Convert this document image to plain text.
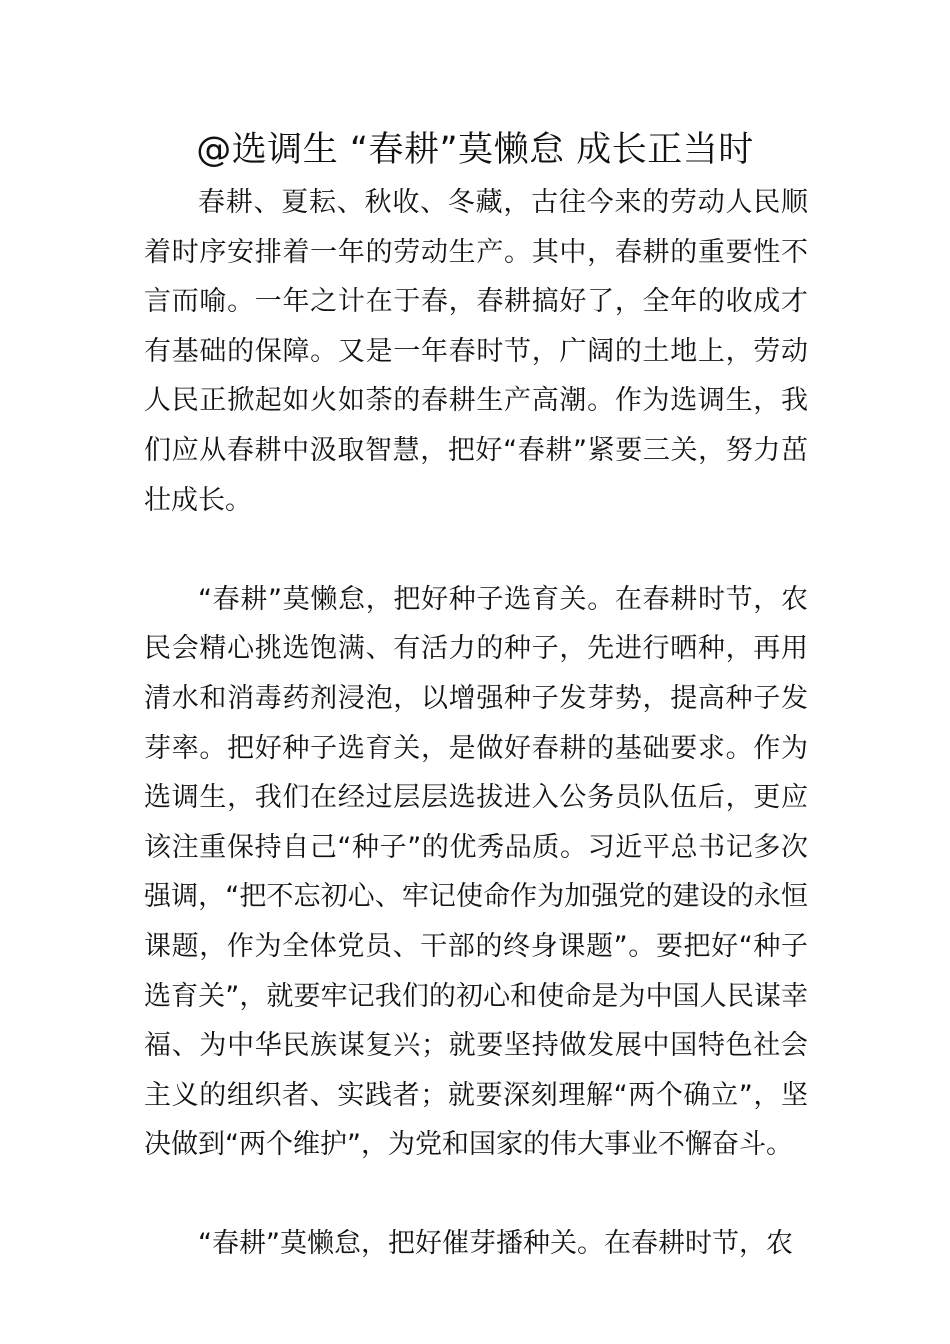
@选调生 “春耕”莫懒怠 成长正当时

春耕、夏耘、秋收、冬藏，古往今来的劳动人民顺着时序安排着一年的劳动生产。其中，春耕的重要性不言而喻。一年之计在于春，春耕搞好了，全年的收成才有基础的保障。又是一年春时节，广阔的土地上，劳动人民正掀起如火如荼的春耕生产高潮。作为选调生，我们应从春耕中汲取智慧，把好“春耕”紧要三关，努力茁壮成长。

“春耕”莫懒怠，把好种子选育关。在春耕时节，农民会精心挑选饱满、有活力的种子，先进行晒种，再用清水和消毒药剂浸泡，以增强种子发芽势，提高种子发芽率。把好种子选育关，是做好春耕的基础要求。作为选调生，我们在经过层层选拔进入公务员队伍后，更应该注重保持自己“种子”的优秀品质。习近平总书记多次强调，“把不忘初心、牢记使命作为加强党的建设的永恒课题，作为全体党员、干部的终身课题”。要把好“种子选育关”，就要牢记我们的初心和使命是为中国人民谋幸福、为中华民族谋复兴；就要坚持做发展中国特色社会主义的组织者、实践者；就要深刻理解“两个确立”，坚决做到“两个维护”，为党和国家的伟大事业不懈奋斗。

“春耕”莫懒怠，把好催芽播种关。在春耕时节，农
